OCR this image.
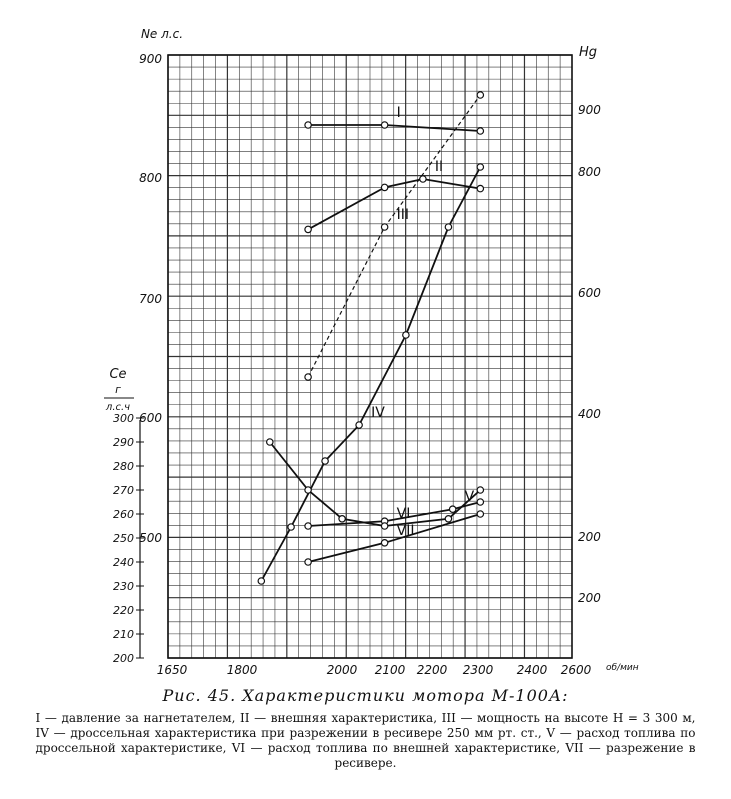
1650	1800	2000 2100 2200 2300 2400 2600 об/мин
Ne л.с.
900
800
700
600
500
Hg
900
800
600
400
200
200
Ce
г
л.с.ч
300
290
280
270
260
250
240
230
220
210
200
I
II
III
IV
V
VI
VII
Рис. 45. Характеристики мотора М-100А:
I — давление за нагнетателем, II — внешняя характеристика, III — мощность на высоте H = 3 300 м, IV — дроссельная характеристика при разрежении в ресивере 250 мм рт. ст., V — расход топлива по дроссельной характеристике, VI — расход топлива по внешней характеристике, VII — разрежение в ресивере.
